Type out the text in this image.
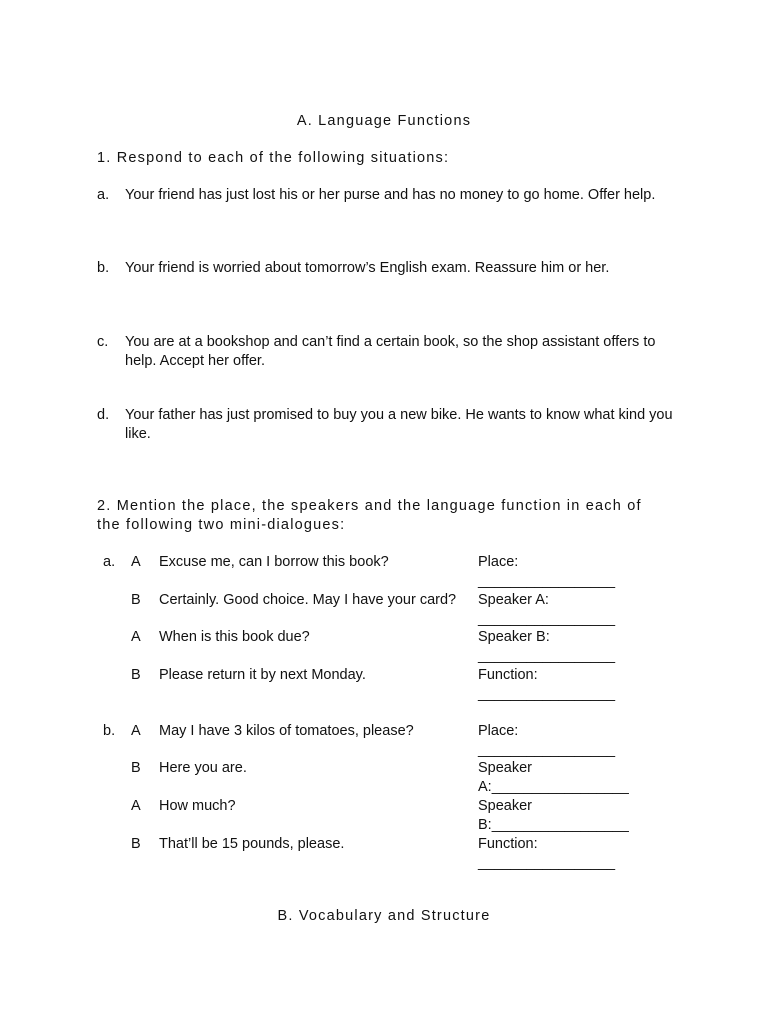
A. Language Functions
1. Respond to each of the following situations:
a.	Your friend has just lost his or her purse and has no money to go home. Offer help.
b.	Your friend is worried about tomorrow’s English exam. Reassure him or her.
c.	You are at a bookshop and can’t find a certain book, so the shop assistant offers to help. Accept her offer.
d.	Your father has just promised to buy you a new bike. He wants to know what kind you like.
2. Mention the place, the speakers and the language function in each of the following two mini-dialogues:
a. A Excuse me, can I borrow this book?	Place:
_________________
B Certainly. Good choice. May I have your card?	Speaker A:
_________________
A When is this book due?	Speaker B:
_________________
B Please return it by next Monday.	Function:
_________________
b. A May I have 3 kilos of tomatoes, please?	Place:
_________________
B Here you are.	Speaker
A:_________________
A How much?	Speaker
B:_________________
B That’ll be 15 pounds, please.	Function:
_________________
B. Vocabulary and Structure
